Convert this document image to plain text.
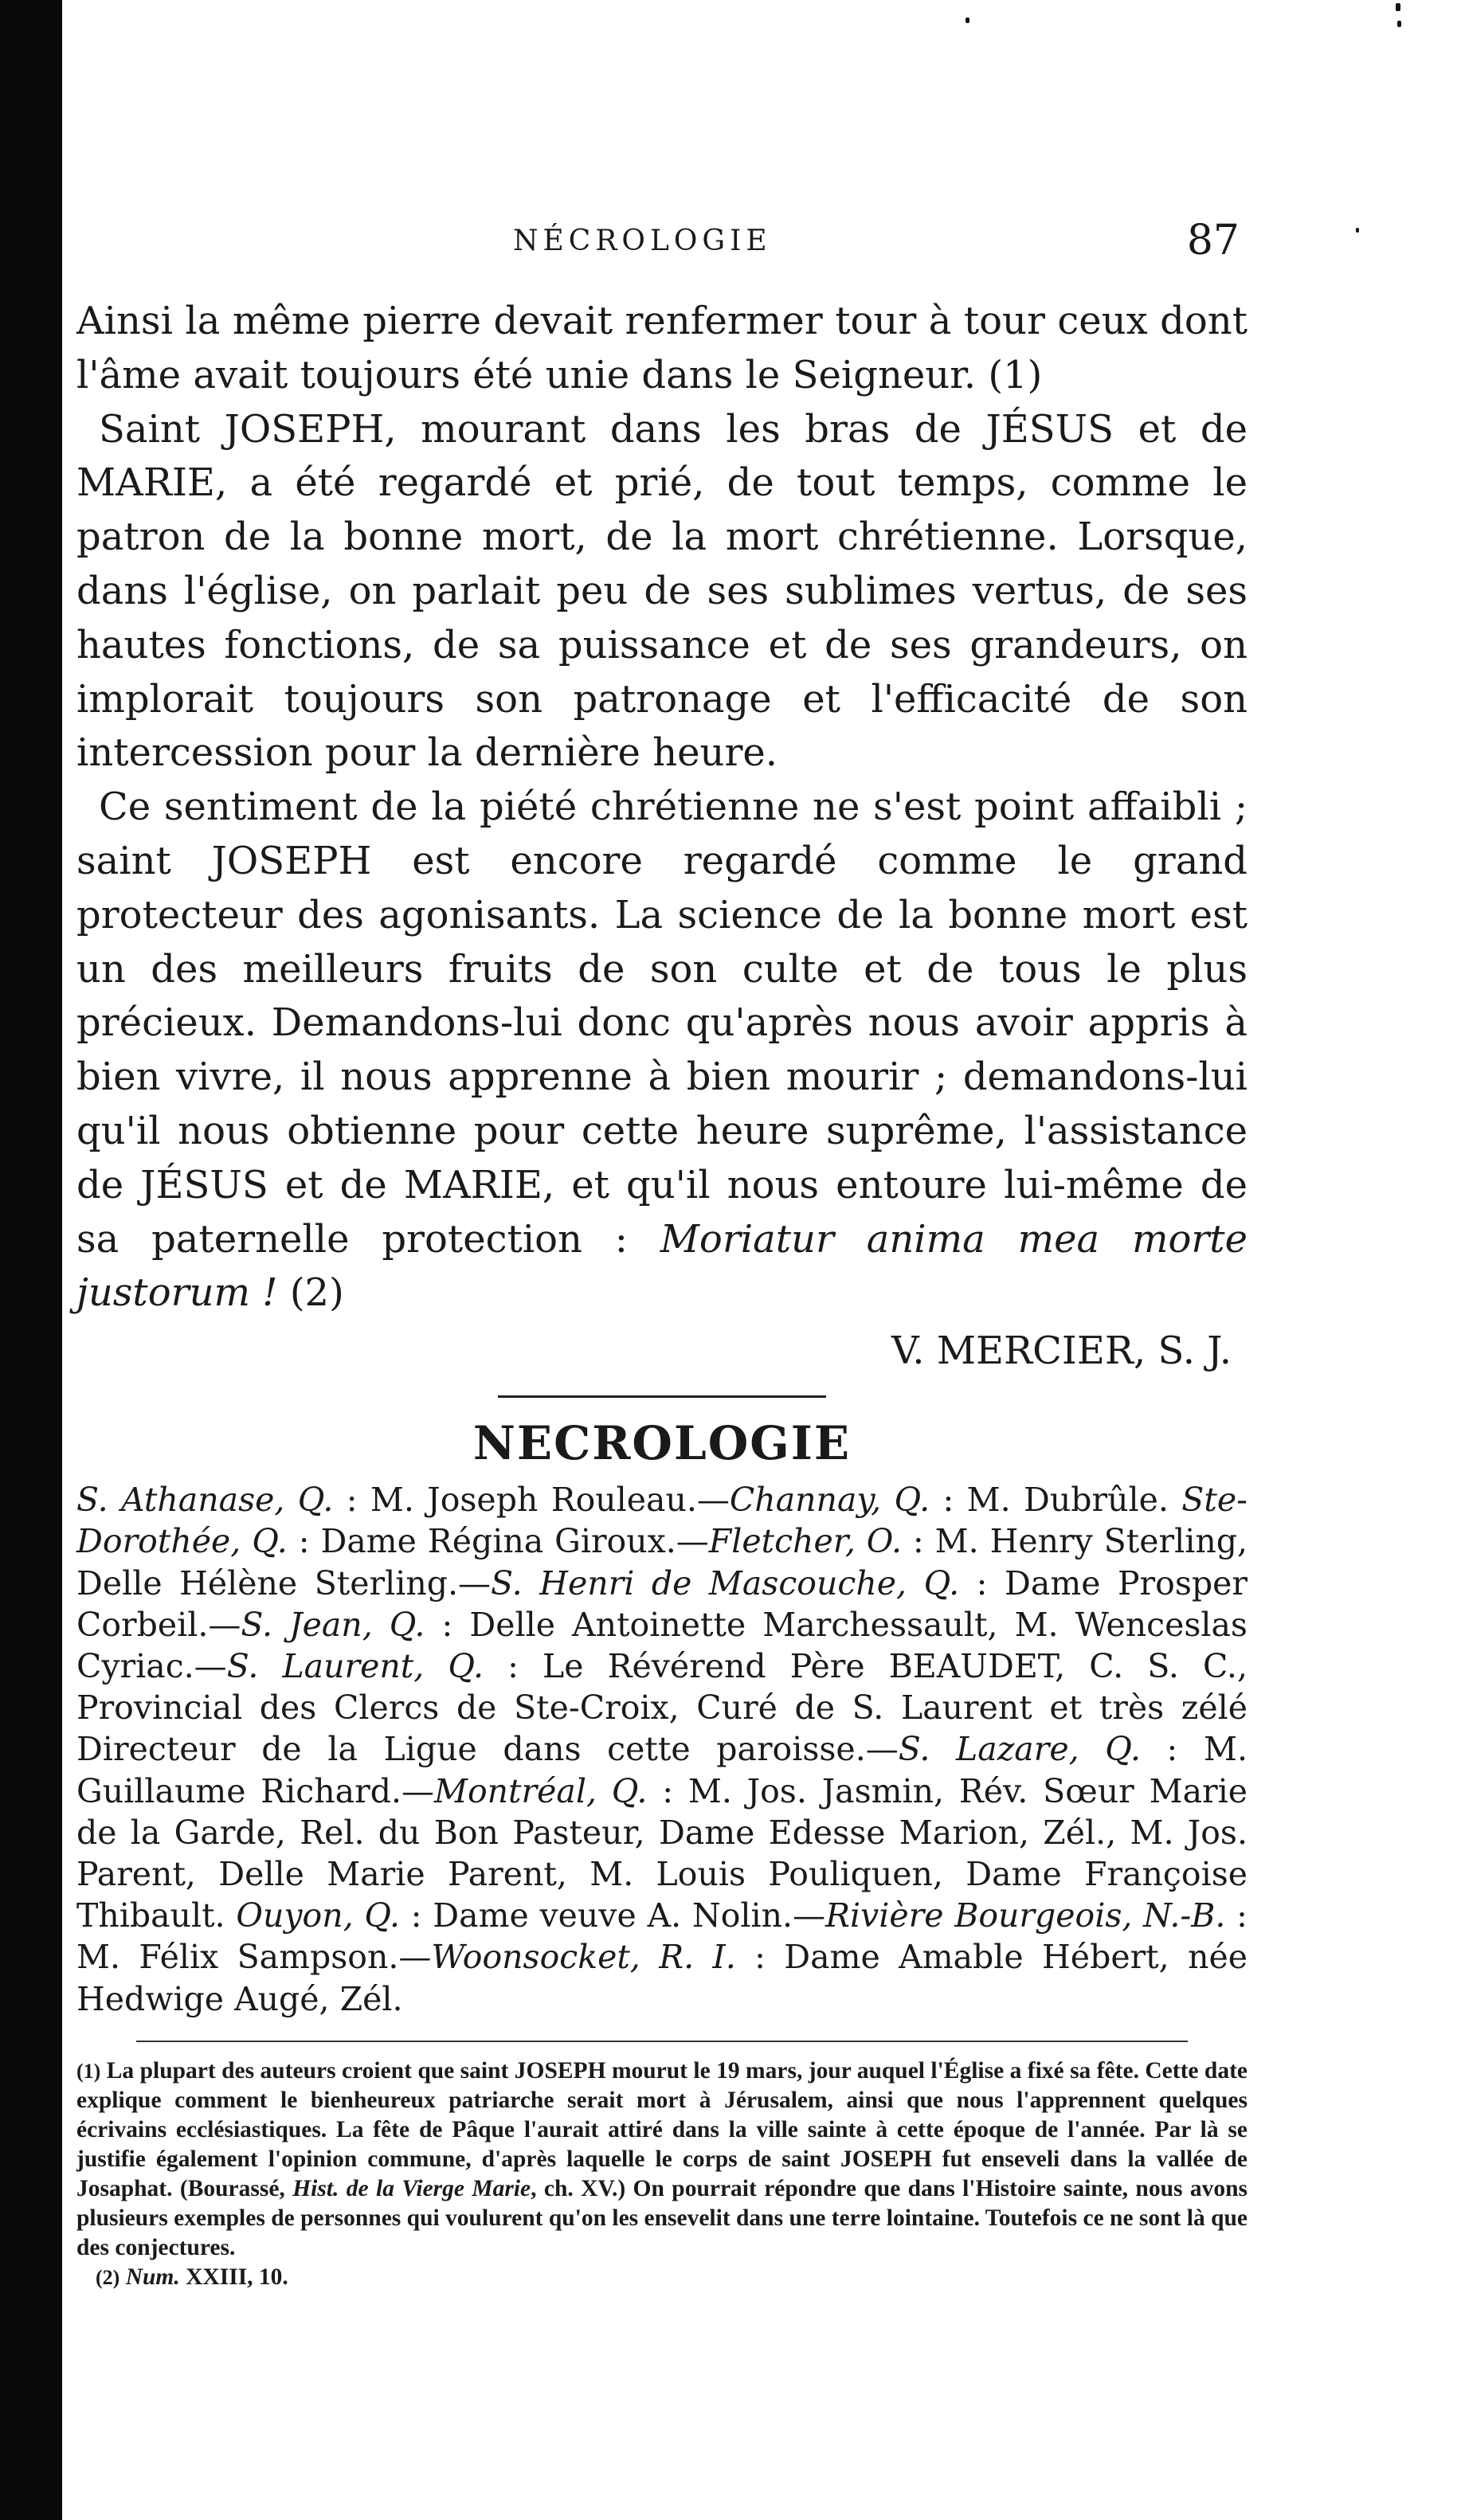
NÉCROLOGIE	87

Ainsi la même pierre devait renfermer tour à tour ceux dont l'âme avait toujours été unie dans le Seigneur. (1)

Saint JOSEPH, mourant dans les bras de JÉSUS et de MARIE, a été regardé et prié, de tout temps, comme le patron de la bonne mort, de la mort chrétienne. Lorsque, dans l'église, on parlait peu de ses sublimes vertus, de ses hautes fonctions, de sa puissance et de ses grandeurs, on implorait toujours son patronage et l'efficacité de son intercession pour la dernière heure.

Ce sentiment de la piété chrétienne ne s'est point affaibli ; saint JOSEPH est encore regardé comme le grand protecteur des agonisants. La science de la bonne mort est un des meilleurs fruits de son culte et de tous le plus précieux. Demandons-lui donc qu'après nous avoir appris à bien vivre, il nous apprenne à bien mourir ; demandons-lui qu'il nous obtienne pour cette heure suprême, l'assistance de JÉSUS et de MARIE, et qu'il nous entoure lui-même de sa paternelle protection : Moriatur anima mea morte justorum ! (2)

V. MERCIER, S. J.
NECROLOGIE

S. Athanase, Q. : M. Joseph Rouleau.—Channay, Q. : M. Dubrûle. Ste-Dorothée, Q. : Dame Régina Giroux.—Fletcher, O. : M. Henry Sterling, Delle Hélène Sterling.—S. Henri de Mascouche, Q. : Dame Prosper Corbeil.—S. Jean, Q. : Delle Antoinette Marchessault, M. Wenceslas Cyriac.—S. Laurent, Q. : Le Révérend Père BEAUDET, C. S. C., Provincial des Clercs de Ste-Croix, Curé de S. Laurent et très zélé Directeur de la Ligue dans cette paroisse.—S. Lazare, Q. : M. Guillaume Richard.—Montréal, Q. : M. Jos. Jasmin, Rév. Sœur Marie de la Garde, Rel. du Bon Pasteur, Dame Edesse Marion, Zél., M. Jos. Parent, Delle Marie Parent, M. Louis Pouliquen, Dame Françoise Thibault. Ouyon, Q. : Dame veuve A. Nolin.—Rivière Bourgeois, N.-B. : M. Félix Sampson.—Woonsocket, R. I. : Dame Amable Hébert, née Hedwige Augé, Zél.

(1) La plupart des auteurs croient que saint JOSEPH mourut le 19 mars, jour auquel l'Église a fixé sa fête. Cette date explique comment le bienheureux patriarche serait mort à Jérusalem, ainsi que nous l'apprennent quelques écrivains ecclésiastiques. La fête de Pâque l'aurait attiré dans la ville sainte à cette époque de l'année. Par là se justifie également l'opinion commune, d'après laquelle le corps de saint JOSEPH fut enseveli dans la vallée de Josaphat. (Bourassé, Hist. de la Vierge Marie, ch. XV.) On pourrait répondre que dans l'Histoire sainte, nous avons plusieurs exemples de personnes qui voulurent qu'on les ensevelit dans une terre lointaine. Toutefois ce ne sont là que des conjectures.

(2) Num. XXIII, 10.
